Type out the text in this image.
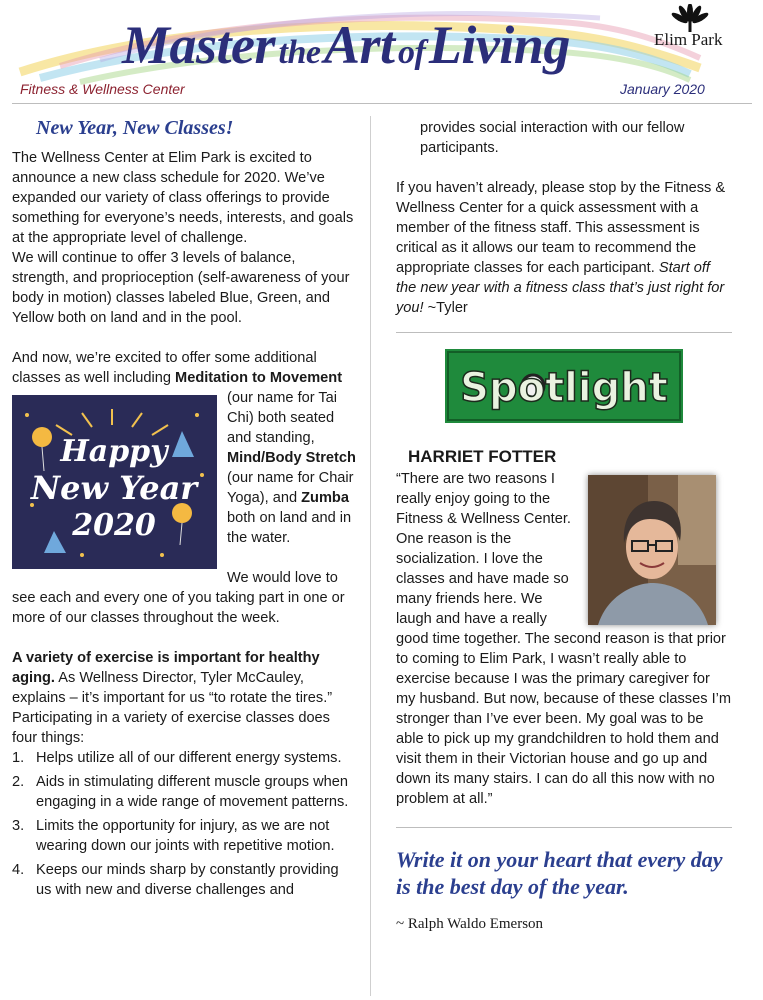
Master the Art of Living	Elim Park
Fitness & Wellness Center	January 2020
New Year, New Classes!

The Wellness Center at Elim Park is excited to announce a new class schedule for 2020. We’ve expanded our variety of class offerings to provide something for everyone’s needs, interests, and goals at the appropriate level of challenge.

We will continue to offer 3 levels of balance, strength, and proprioception (self-awareness of your body in motion) classes labeled Blue, Green, and Yellow both on land and in the pool.

And now, we’re excited to offer some additional classes as well including Meditation to Movement
Happy
New Year
2020
(our name for Tai Chi) both seated and standing, Mind/Body Stretch (our name for Chair Yoga), and Zumba both on land and in the water.

We would love to see each and every one of you taking part in one or more of our classes throughout the week.

A variety of exercise is important for healthy aging. As Wellness Director, Tyler McCauley, explains – it’s important for us “to rotate the tires.” Participating in a variety of exercise classes does four things:

1. Helps utilize all of our different energy systems.
2. Aids in stimulating different muscle groups when engaging in a wide range of movement patterns.
3. Limits the opportunity for injury, as we are not wearing down our joints with repetitive motion.
4. Keeps our minds sharp by constantly providing us with new and diverse challenges and

provides social interaction with our fellow participants.

If you haven’t already, please stop by the Fitness & Wellness Center for a quick assessment with a member of the fitness staff. This assessment is critical as it allows our team to recommend the appropriate classes for each participant. Start off the new year with a fitness class that’s just right for you! ~Tyler

Spotlight
HARRIET FOTTER

“There are two reasons I really enjoy going to the Fitness & Wellness Center. One reason is the socialization. I love the classes and have made so many friends here. We laugh and have a really good time together. The second reason is that prior to coming to Elim Park, I wasn’t really able to exercise because I was the primary caregiver for my husband. But now, because of these classes I’m stronger than I’ve ever been. My goal was to be able to pick up my grandchildren to hold them and visit them in their Victorian house and go up and down its many stairs. I can do all this now with no problem at all.”

Write it on your heart that every day is the best day of the year.

~ Ralph Waldo Emerson
